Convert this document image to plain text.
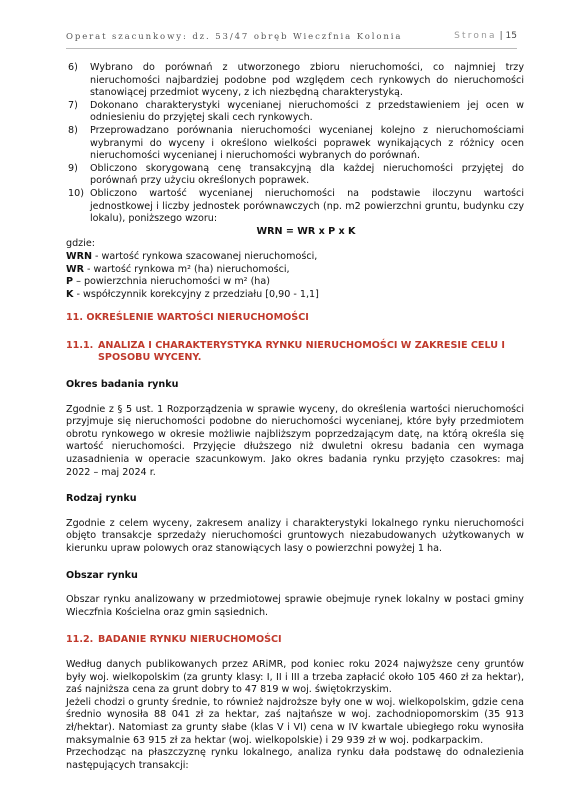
Operat szacunkowy: dz. 53/47 obręb Wieczfnia Kolonia	Strona | 15
6)	Wybrano do porównań z utworzonego zbioru nieruchomości, co najmniej trzy nieruchomości najbardziej podobne pod względem cech rynkowych do nieruchomości stanowiącej przedmiot wyceny, z ich niezbędną charakterystyką.
7)	Dokonano charakterystyki wycenianej nieruchomości z przedstawieniem jej ocen w odniesieniu do przyjętej skali cech rynkowych.
8)	Przeprowadzano porównania nieruchomości wycenianej kolejno z nieruchomościami wybranymi do wyceny i określono wielkości poprawek wynikających z różnicy ocen nieruchomości wycenianej i nieruchomości wybranych do porównań.
9)	Obliczono skorygowaną cenę transakcyjną dla każdej nieruchomości przyjętej do porównań przy użyciu określonych poprawek.
10) Obliczono wartość wycenianej nieruchomości na podstawie iloczynu wartości jednostkowej i liczby jednostek porównawczych (np. m2 powierzchni gruntu, budynku czy lokalu), poniższego wzoru:
WRN = WR x P x K

gdzie:

WRN - wartość rynkowa szacowanej nieruchomości,

WR - wartość rynkowa m² (ha) nieruchomości,

P – powierzchnia nieruchomości w m² (ha)

K - współczynnik korekcyjny z przedziału [0,90 - 1,1]

11. OKREŚLENIE WARTOŚCI NIERUCHOMOŚCI
11.1. ANALIZA I CHARAKTERYSTYKA RYNKU NIERUCHOMOŚCI W ZAKRESIE CELU I SPOSOBU WYCENY.
Okres badania rynku

Zgodnie z § 5 ust. 1 Rozporządzenia w sprawie wyceny, do określenia wartości nieruchomości przyjmuje się nieruchomości podobne do nieruchomości wycenianej, które były przedmiotem obrotu rynkowego w okresie możliwie najbliższym poprzedzającym datę, na którą określa się wartość nieruchomości. Przyjęcie dłuższego niż dwuletni okresu badania cen wymaga uzasadnienia w operacie szacunkowym. Jako okres badania rynku przyjęto czasokres: maj 2022 – maj 2024 r.

Rodzaj rynku

Zgodnie z celem wyceny, zakresem analizy i charakterystyki lokalnego rynku nieruchomości objęto transakcje sprzedaży nieruchomości gruntowych niezabudowanych użytkowanych w kierunku upraw polowych oraz stanowiących lasy o powierzchni powyżej 1 ha.

Obszar rynku

Obszar rynku analizowany w przedmiotowej sprawie obejmuje rynek lokalny w postaci gminy Wieczfnia Kościelna oraz gmin sąsiednich.

11.2. BADANIE RYNKU NIERUCHOMOŚCI

Według danych publikowanych przez ARiMR, pod koniec roku 2024 najwyższe ceny gruntów były woj. wielkopolskim (za grunty klasy: I, II i III a trzeba zapłacić około 105 460 zł za hektar), zaś najniższa cena za grunt dobry to 47 819 w woj. świętokrzyskim.

Jeżeli chodzi o grunty średnie, to również najdroższe były one w woj. wielkopolskim, gdzie cena średnio wynosiła 88 041 zł za hektar, zaś najtańsze w woj. zachodniopomorskim (35 913 zł/hektar). Natomiast za grunty słabe (klas V i VI) cena w IV kwartale ubiegłego roku wynosiła maksymalnie 63 915 zł za hektar (woj. wielkopolskie) i 29 939 zł w woj. podkarpackim.

Przechodząc na płaszczyznę rynku lokalnego, analiza rynku dała podstawę do odnalezienia następujących transakcji:
